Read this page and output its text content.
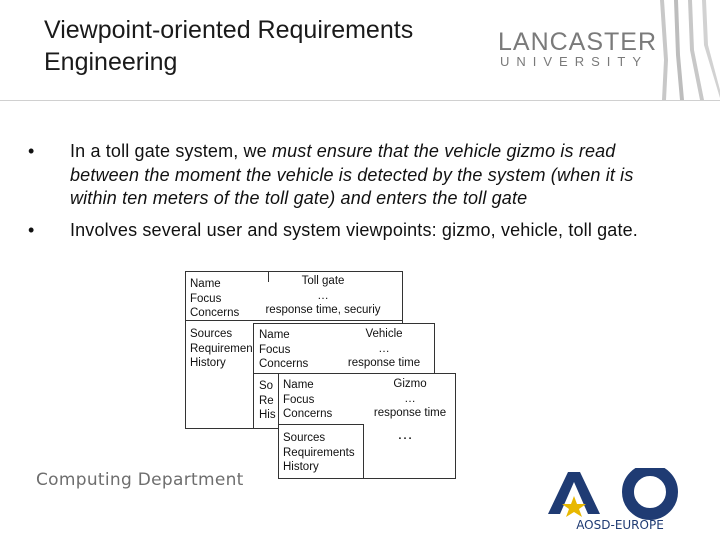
Viewpoint-oriented Requirements
Engineering
LANCASTER
UNIVERSITY
• In a toll gate system, we must ensure that the vehicle gizmo is read between the moment the vehicle is detected by the system (when it is within ten meters of the toll gate) and enters the toll gate
• Involves several user and system viewpoints: gizmo, vehicle, toll gate.
Name
Focus
Concerns
Toll gate
…
response time, securiy
Sources
Requiremen
History
Name
Focus
Concerns
Vehicle
…
response time
So
Re
His
Name
Focus
Concerns
Gizmo
…
response time
…
Sources
Requirements
History
Computing Department
AOSD-EUROPE
